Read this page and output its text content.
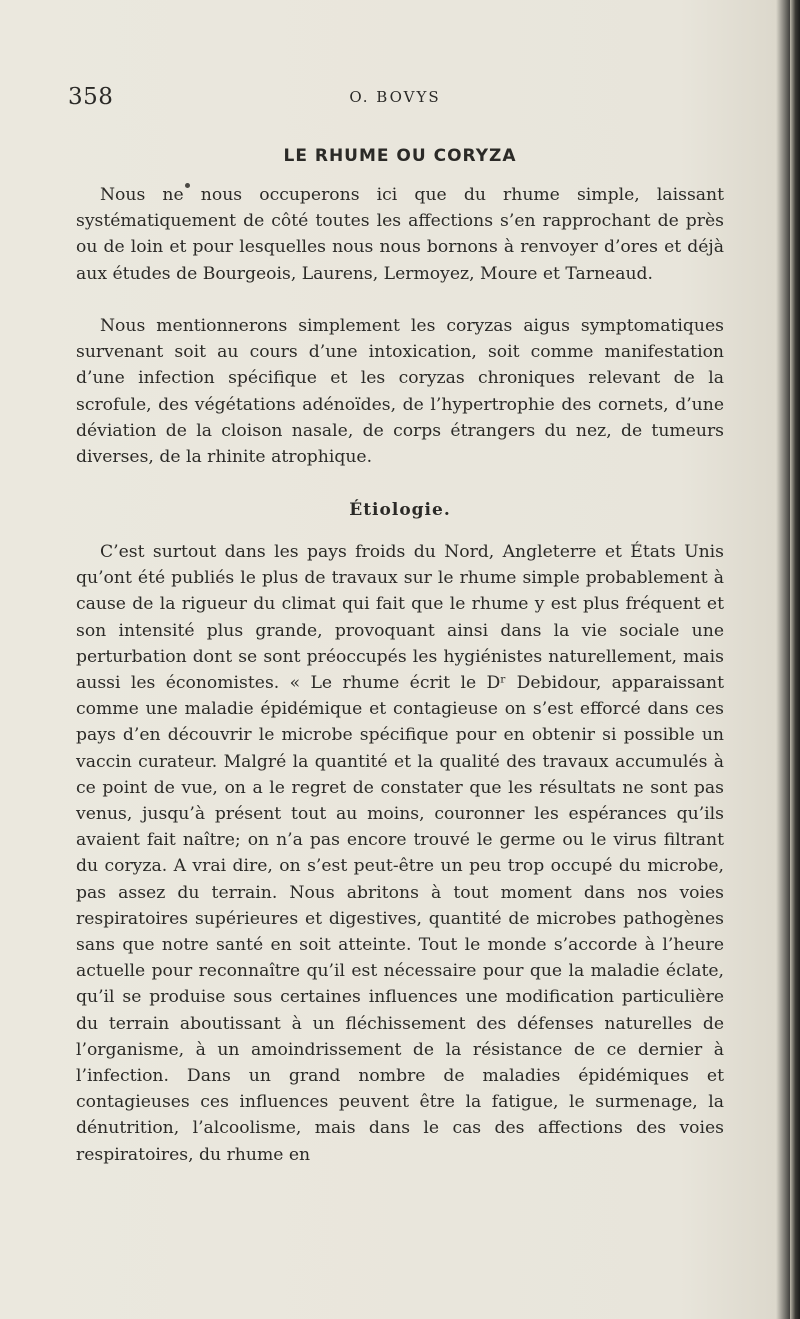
358	O. BOVYS
LE RHUME OU CORYZA

Nous ne nous occuperons ici que du rhume simple, laissant systématiquement de côté toutes les affections s’en rapprochant de près ou de loin et pour lesquelles nous nous bornons à renvoyer d’ores et déjà aux études de Bourgeois, Laurens, Lermoyez, Moure et Tarneaud.

Nous mentionnerons simplement les coryzas aigus symptomatiques survenant soit au cours d’une intoxication, soit comme manifestation d’une infection spécifique et les coryzas chroniques relevant de la scrofule, des végétations adénoïdes, de l’hypertrophie des cornets, d’une déviation de la cloison nasale, de corps étrangers du nez, de tumeurs diverses, de la rhinite atrophique.

Étiologie.

C’est surtout dans les pays froids du Nord, Angleterre et États Unis qu’ont été publiés le plus de travaux sur le rhume simple probablement à cause de la rigueur du climat qui fait que le rhume y est plus fréquent et son intensité plus grande, provoquant ainsi dans la vie sociale une perturbation dont se sont préoccupés les hygiénistes naturellement, mais aussi les économistes. « Le rhume écrit le Dʳ Debidour, apparaissant comme une maladie épidémique et contagieuse on s’est efforcé dans ces pays d’en découvrir le microbe spécifique pour en obtenir si possible un vaccin curateur. Malgré la quantité et la qualité des travaux accumulés à ce point de vue, on a le regret de constater que les résultats ne sont pas venus, jusqu’à présent tout au moins, couronner les espérances qu’ils avaient fait naître; on n’a pas encore trouvé le germe ou le virus filtrant du coryza. A vrai dire, on s’est peut-être un peu trop occupé du microbe, pas assez du terrain. Nous abritons à tout moment dans nos voies respiratoires supérieures et digestives, quantité de microbes pathogènes sans que notre santé en soit atteinte. Tout le monde s’accorde à l’heure actuelle pour reconnaître qu’il est nécessaire pour que la maladie éclate, qu’il se produise sous certaines influences une modification particulière du terrain aboutissant à un fléchissement des défenses naturelles de l’organisme, à un amoindrissement de la résistance de ce dernier à l’infection. Dans un grand nombre de maladies épidémiques et contagieuses ces influences peuvent être la fatigue, le surmenage, la dénutrition, l’alcoolisme, mais dans le cas des affections des voies respiratoires, du rhume en
